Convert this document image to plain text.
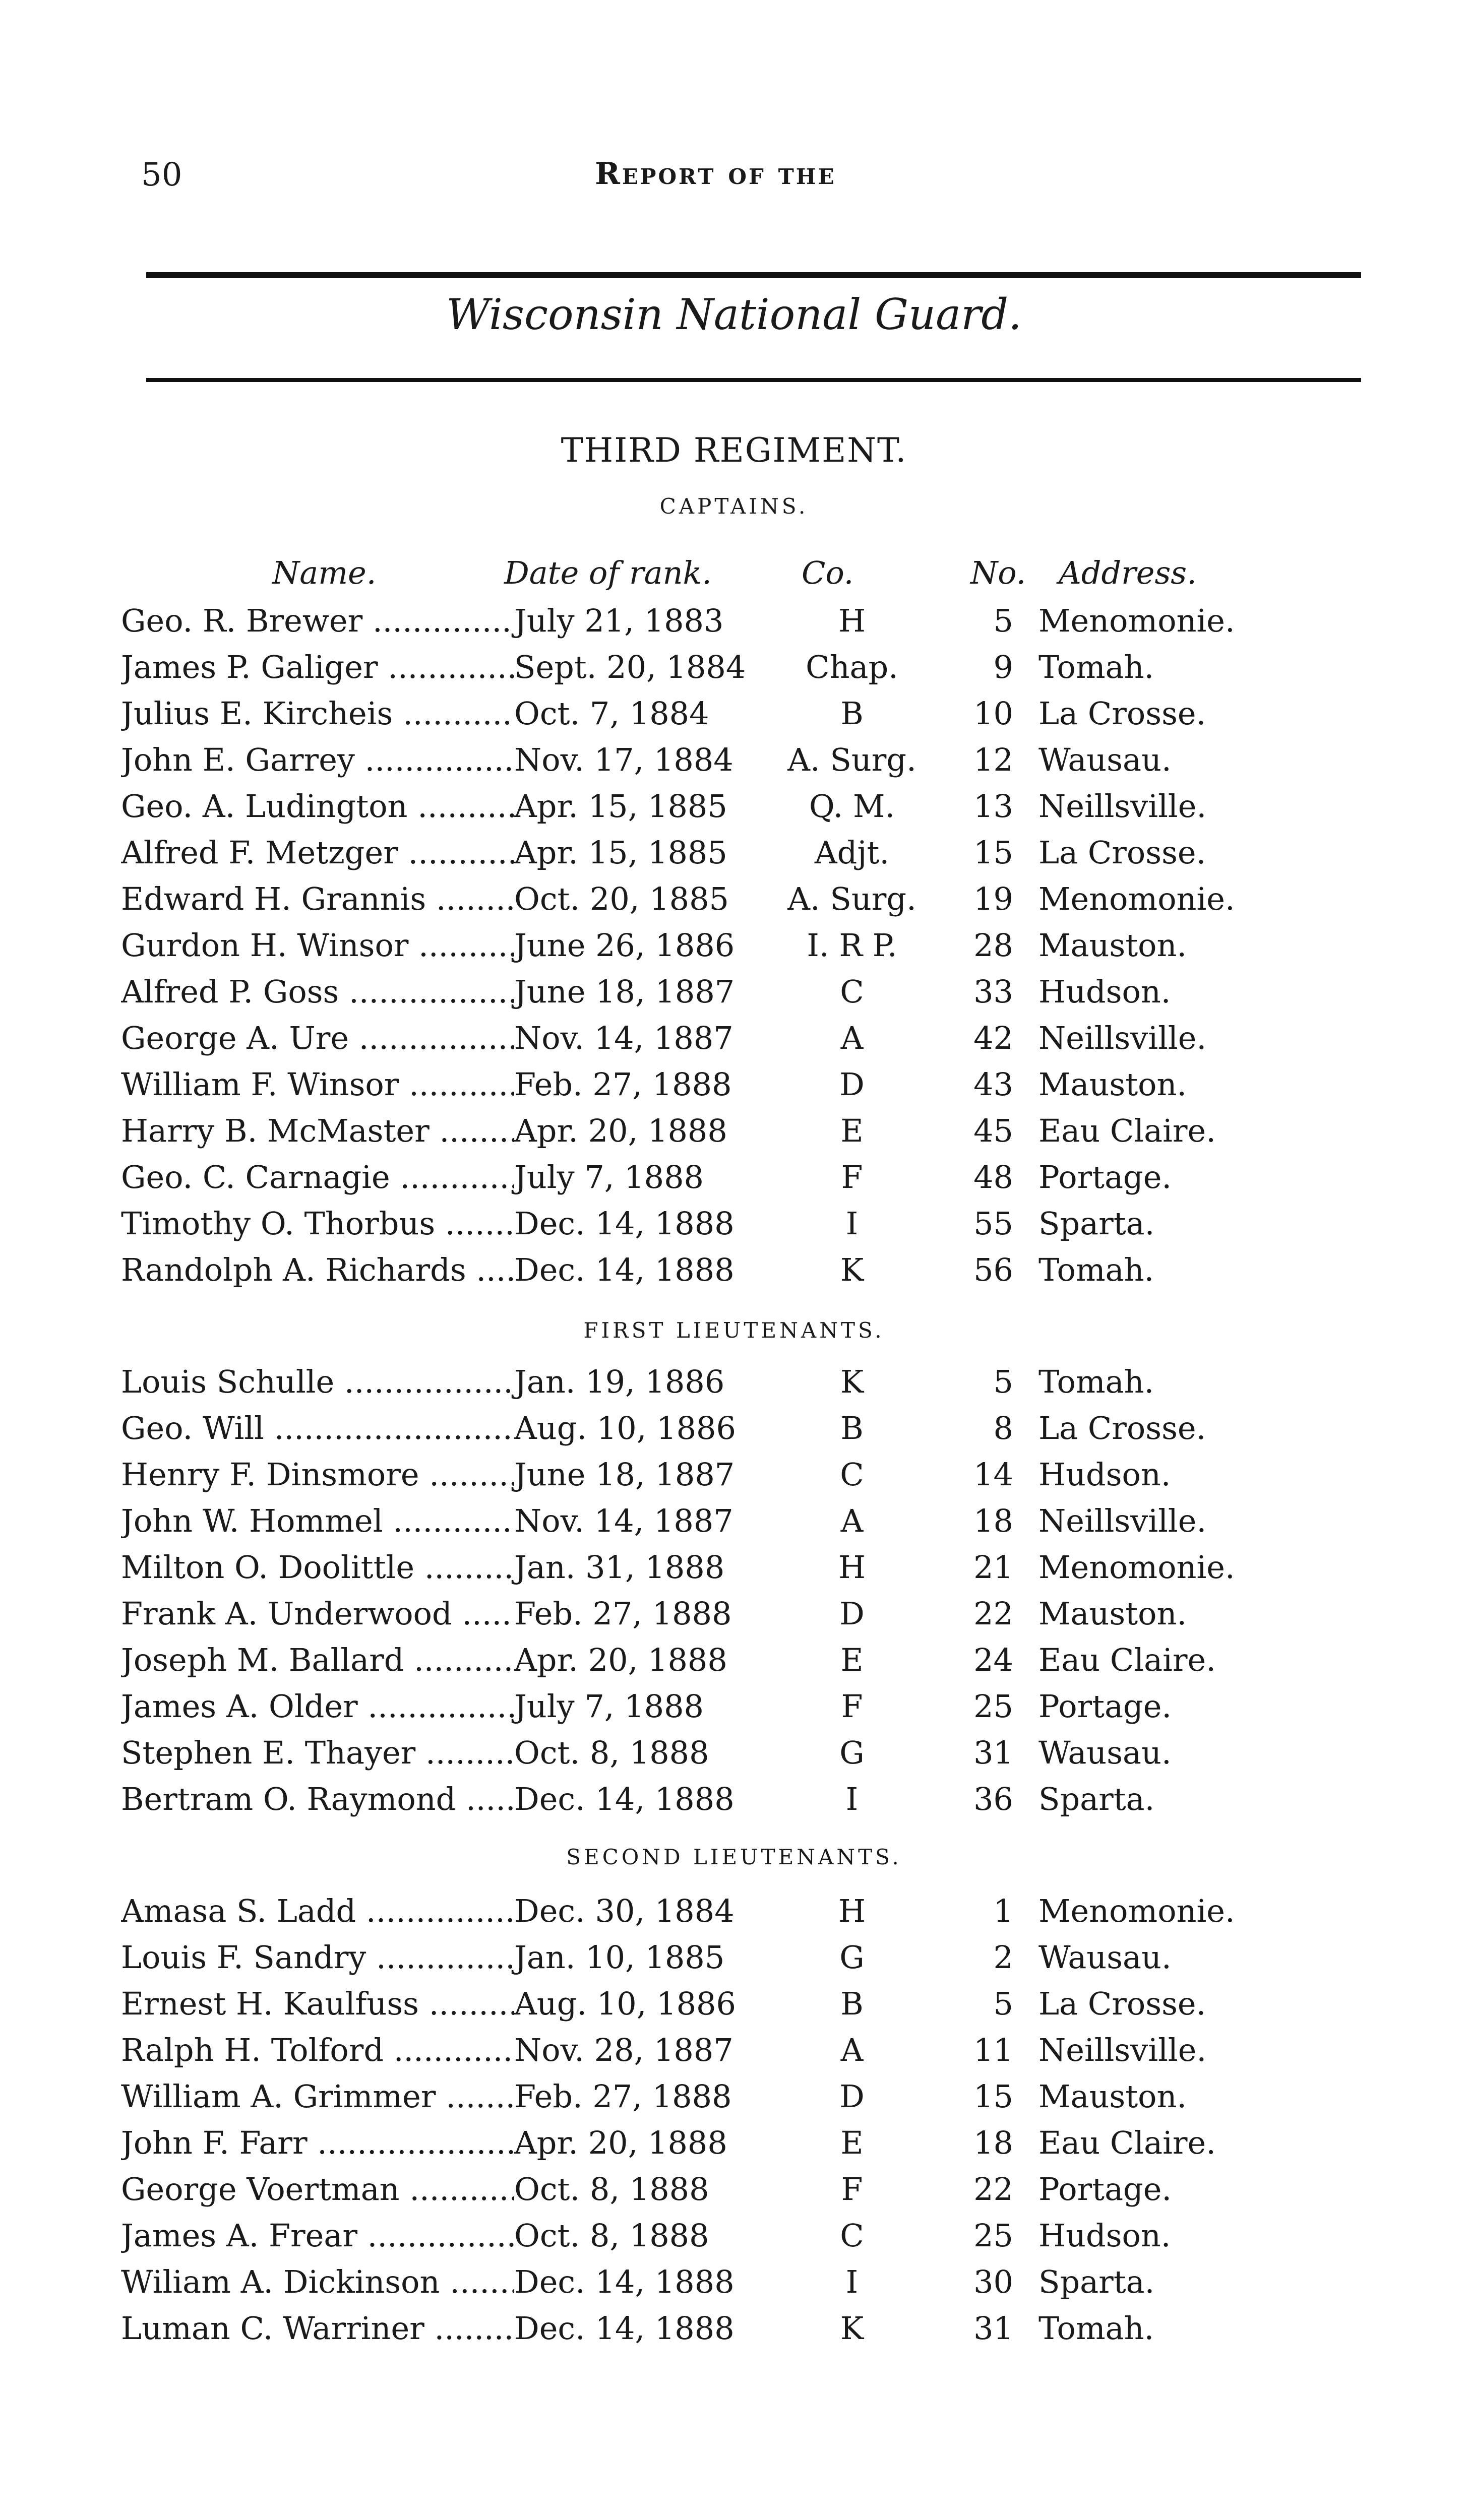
50	Report of the
Wisconsin National Guard.
THIRD REGIMENT.
Name.	Date of rank.	Co.	No. Address.
CAPTAINS.
Geo. R. Brewer .....	July 21, 1883	H	5 Menomonie.
James P. Galiger .....	Sept. 20, 1884	Chap.	9 Tomah.
Julius E. Kircheis .....	Oct. 7, 1884	B	10 La Crosse.
John E. Garrey .....	Nov. 17, 1884 A. Surg.	12 Wausau.
Geo. A. Ludington .....	Apr. 15, 1885	Q. M.	13 Neillsville.
Alfred F. Metzger .....	Apr. 15, 1885	Adjt.	15 La Crosse.
Edward H. Grannis .....	Oct. 20, 1885 A. Surg.	19 Menomonie.
Gurdon H. Winsor .....	June 26, 1886	I. R P.	28 Mauston.
Alfred P. Goss .....	June 18, 1887	C	33 Hudson.
George A. Ure .....	Nov. 14, 1887	A	42 Neillsville.
William F. Winsor .....	Feb. 27, 1888	D	43 Mauston.
Harry B. McMaster .....	Apr. 20, 1888	E	45 Eau Claire.
Geo. C. Carnagie .....	July 7, 1888	F	48 Portage.
Timothy O. Thorbus .....	Dec. 14, 1888	I	55 Sparta.
Randolph A. Richards .....	Dec. 14, 1888	K	56 Tomah.
FIRST LIEUTENANTS.
Louis Schulle .....	Jan. 19, 1886	K	5 Tomah.
Geo. Will .....	Aug. 10, 1886	B	8 La Crosse.
Henry F. Dinsmore .....	June 18, 1887	C	14 Hudson.
John W. Hommel .....	Nov. 14, 1887	A	18 Neillsville.
Milton O. Doolittle .....	Jan. 31, 1888	H	21 Menomonie.
Frank A. Underwood .....	Feb. 27, 1888	D	22 Mauston.
Joseph M. Ballard .....	Apr. 20, 1888	E	24 Eau Claire.
James A. Older .....	July 7, 1888	F	25 Portage.
Stephen E. Thayer .....	Oct. 8, 1888	G	31 Wausau.
Bertram O. Raymond .....	Dec. 14, 1888	I	36 Sparta.
SECOND LIEUTENANTS.
Amasa S. Ladd .....	Dec. 30, 1884	H	1 Menomonie.
Louis F. Sandry .....	Jan. 10, 1885	G	2 Wausau.
Ernest H. Kaulfuss .....	Aug. 10, 1886	B	5 La Crosse.
Ralph H. Tolford .....	Nov. 28, 1887	A	11 Neillsville.
William A. Grimmer .....	Feb. 27, 1888	D	15 Mauston.
John F. Farr .....	Apr. 20, 1888	E	18 Eau Claire.
George Voertman .....	Oct. 8, 1888	F	22 Portage.
James A. Frear .....	Oct. 8, 1888	C	25 Hudson.
Wiliam A. Dickinson .....	Dec. 14, 1888	I	30 Sparta.
Luman C. Warriner .....	Dec. 14, 1888	K	31 Tomah.
